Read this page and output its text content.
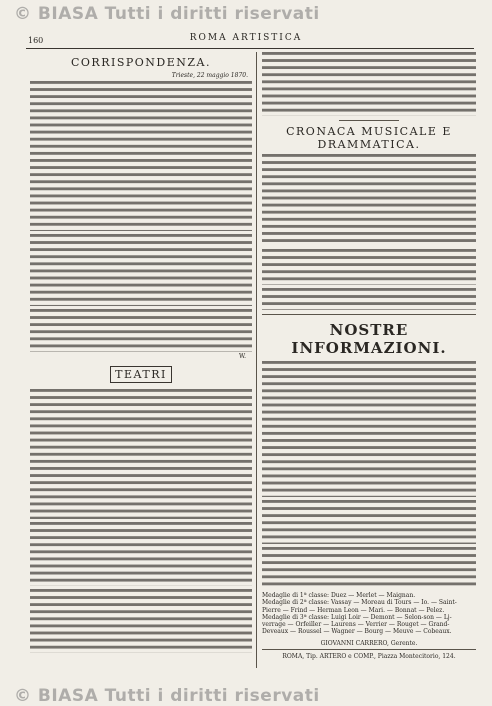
© BIASA Tutti i diritti riservati
160	ROMA ARTISTICA
CORRISPONDENZA.
Trieste, 22 maggio 1870.
W.
TEATRI
CRONACA MUSICALE E DRAMMATICA.
NOSTRE INFORMAZIONI.
Medaglie di 1ª classe: Duez — Merlet — Maignan.
Medaglie di 2ª classe: Vassay — Moreau di Tours — Io. — Saint-
Pierre — Frind — Herman Leon — Mari. — Bonnat — Pelez.
Medaglie di 3ª classe: Luigi Loir — Demont — Selon-son — Lj-
verrage — Orfeiller — Laurens — Verrier — Rouget — Grand-
Deveaux — Roussel — Wagner — Bourg — Meuve — Cobeaux.
GIOVANNI CARRERO, Gerente.
ROMA, Tip. ARTERO e COMP., Piazza Montecitorio, 124.
© BIASA Tutti i diritti riservati
